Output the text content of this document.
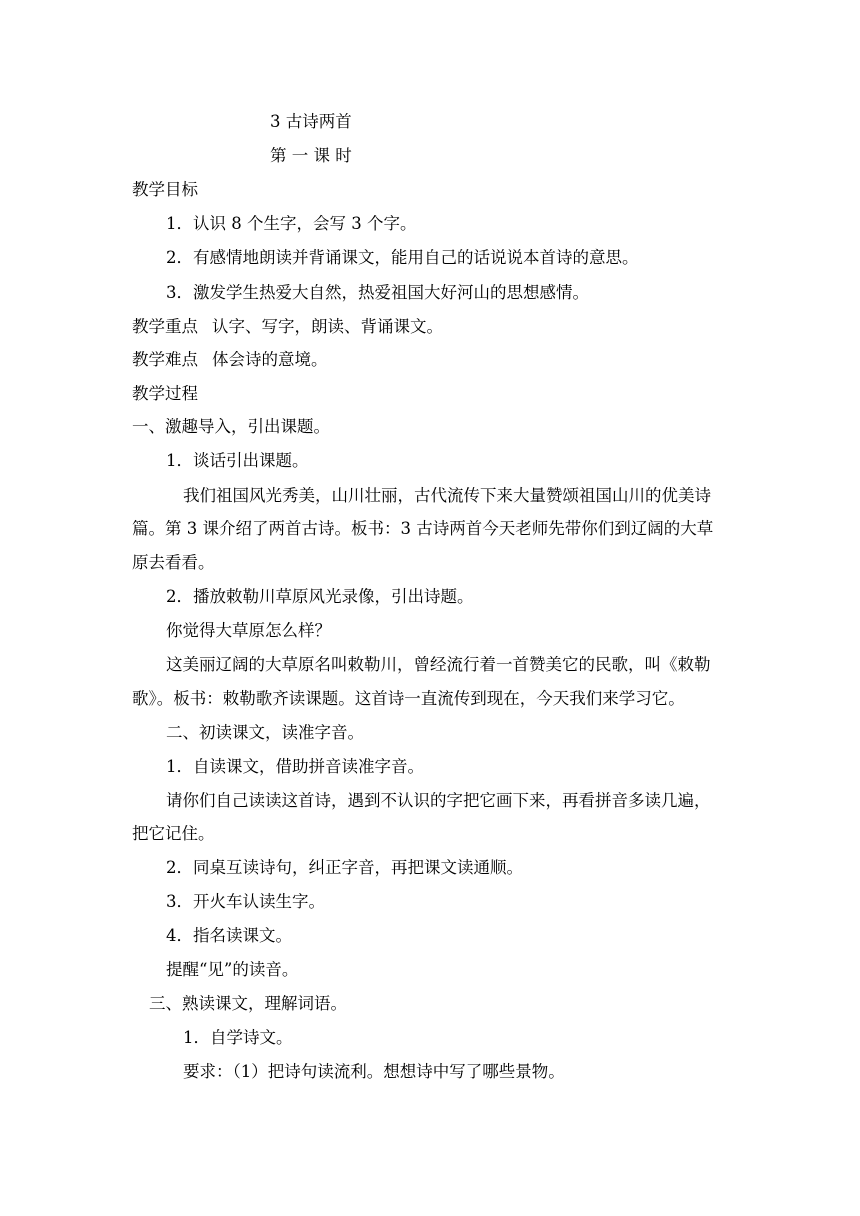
3 古诗两首
第 一 课 时
教学目标
1．认识 8 个生字，会写 3 个字。
2．有感情地朗读并背诵课文，能用自己的话说说本首诗的意思。
3．激发学生热爱大自然，热爱祖国大好河山的思想感情。
教学重点 认字、写字，朗读、背诵课文。
教学难点 体会诗的意境。
教学过程
一、激趣导入，引出课题。
1．谈话引出课题。
我们祖国风光秀美，山川壮丽，古代流传下来大量赞颂祖国山川的优美诗
篇。第 3 课介绍了两首古诗。板书：3 古诗两首今天老师先带你们到辽阔的大草
原去看看。
2．播放敕勒川草原风光录像，引出诗题。
你觉得大草原怎么样？
这美丽辽阔的大草原名叫敕勒川，曾经流行着一首赞美它的民歌，叫《敕勒
歌》。板书：敕勒歌齐读课题。这首诗一直流传到现在，今天我们来学习它。
二、初读课文，读准字音。
1．自读课文，借助拼音读准字音。
请你们自己读读这首诗，遇到不认识的字把它画下来，再看拼音多读几遍，
把它记住。
2．同桌互读诗句，纠正字音，再把课文读通顺。
3．开火车认读生字。
4．指名读课文。
提醒“见”的读音。
三、熟读课文，理解词语。
1．自学诗文。
要求：（1）把诗句读流利。想想诗中写了哪些景物。
